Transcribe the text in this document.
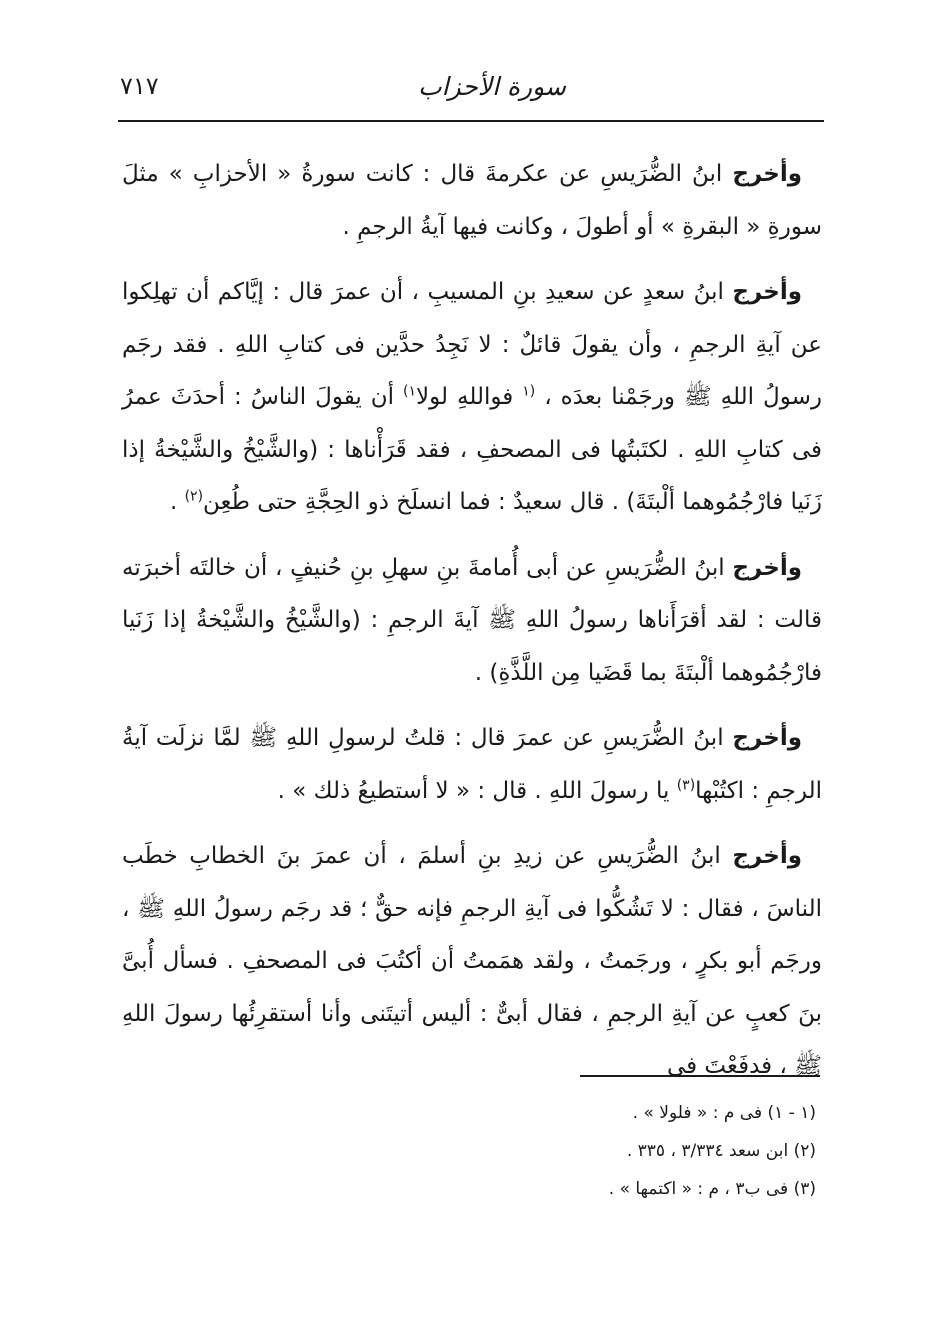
سورة الأحزاب
٧١٧

وأخرج ابنُ الضُّرَيسِ عن عكرمةَ قال : كانت سورةُ « الأحزابِ » مثلَ سورةِ « البقرةِ » أو أطولَ ، وكانت فيها آيةُ الرجمِ .

وأخرج ابنُ سعدٍ عن سعيدِ بنِ المسيبِ ، أن عمرَ قال : إيَّاكم أن تهلِكوا عن آيةِ الرجمِ ، وأن يقولَ قائلٌ : لا نَجِدُ حدَّين فى كتابِ اللهِ . فقد رجَم رسولُ اللهِ ﷺ ورجَمْنا بعدَه ، $^{(١}$ فواللهِ لولا$^{١)}$ أن يقولَ الناسُ : أحدَثَ عمرُ فى كتابِ اللهِ . لكتَبتُها فى المصحفِ ، فقد قَرَأْناها : (والشَّيْخُ والشَّيْخةُ إذا زَنَيا فارْجُمُوهما ألْبتَةَ) . قال سعيدٌ : فما انسلَخ ذو الحِجَّةِ حتى طُعِن$^{(٢)}$ .

وأخرج ابنُ الضُّرَيسِ عن أبى أُمامةَ بنِ سهلِ بنِ حُنيفٍ ، أن خالتَه أخبرَته قالت : لقد أقرَأَناها رسولُ اللهِ ﷺ آيةَ الرجمِ : (والشَّيْخُ والشَّيْخةُ إذا زَنَيا فارْجُمُوهما ألْبتَةَ بما قَضَيا مِن اللَّذَّةِ) .

وأخرج ابنُ الضُّرَيسِ عن عمرَ قال : قلتُ لرسولِ اللهِ ﷺ لمَّا نزلَت آيةُ الرجمِ : اكتُبْها$^{(٣)}$ يا رسولَ اللهِ . قال : « لا أستطيعُ ذلك » .

وأخرج ابنُ الضُّرَيسِ عن زيدِ بنِ أسلمَ ، أن عمرَ بنَ الخطابِ خطَب الناسَ ، فقال : لا تَشُكُّوا فى آيةِ الرجمِ فإنه حقٌّ ؛ قد رجَم رسولُ اللهِ ﷺ ، ورجَم أبو بكرٍ ، ورجَمتُ ، ولقد همَمتُ أن أكتُبَ فى المصحفِ . فسأل أُبىَّ بنَ كعبٍ عن آيةِ الرجمِ ، فقال أبىٌّ : أليس أتيتَنى وأنا أستقرِئُها رسولَ اللهِ ﷺ ، فدفَعْتَ فى

(١ - ١) فى م : « فلولا » .

(٢) ابن سعد ٣/٣٣٤ ، ٣٣٥ .

(٣) فى ب٣ ، م : « اكتمها » .
